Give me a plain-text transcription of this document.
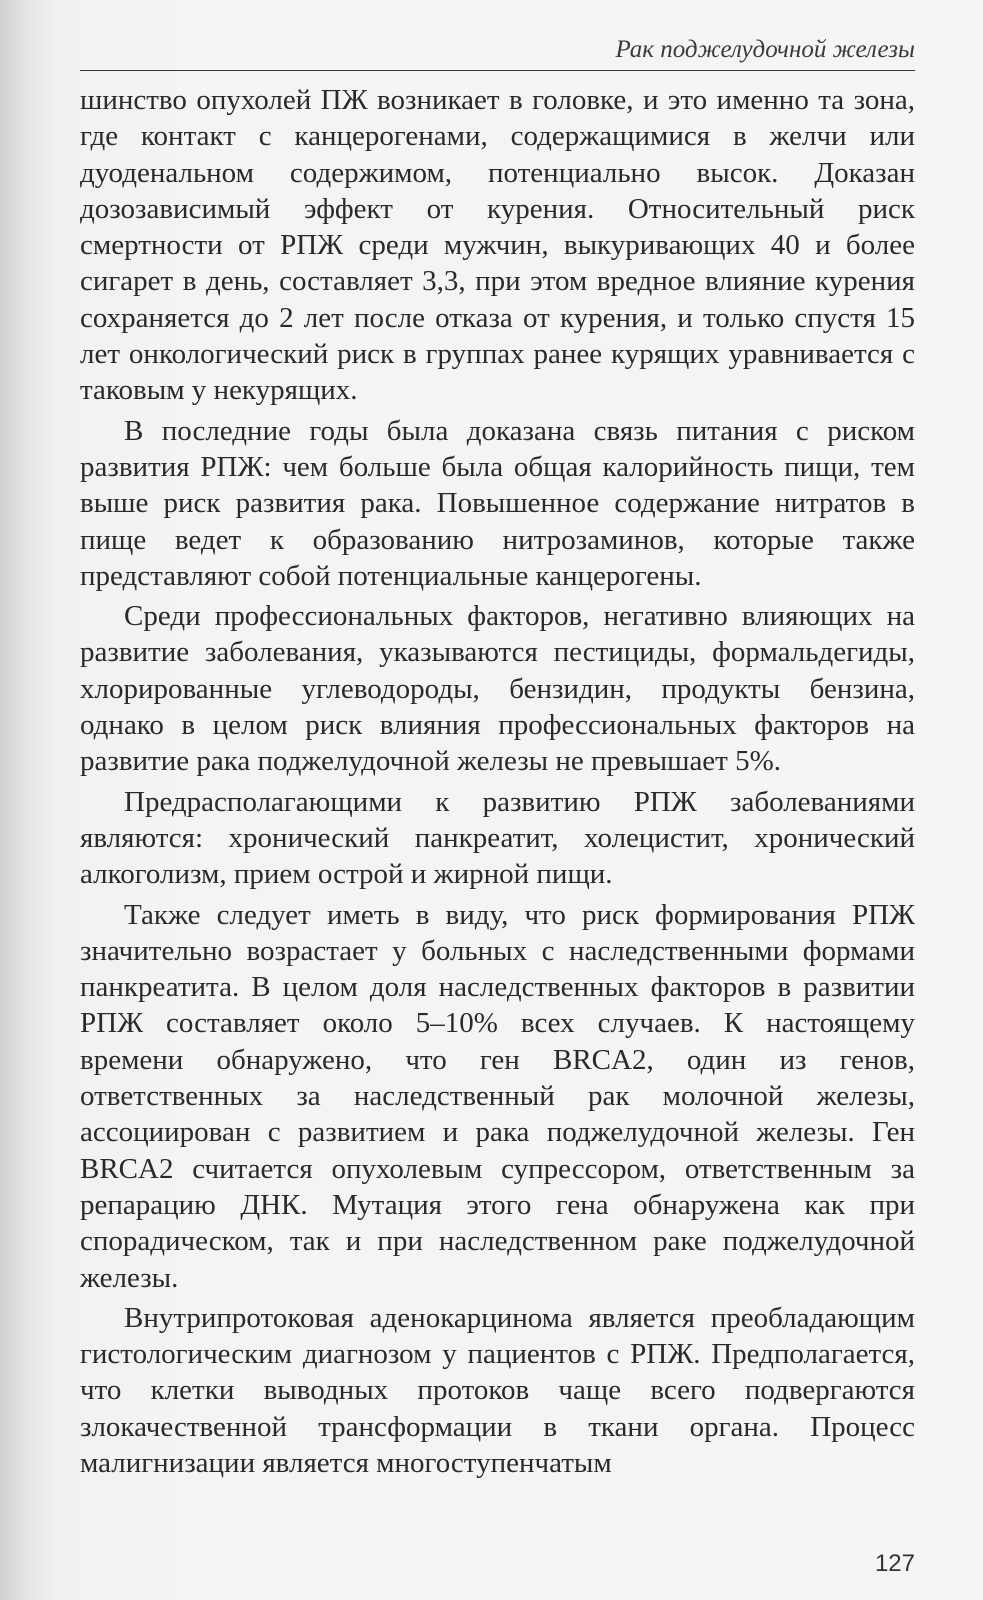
Рак поджелудочной железы

шинство опухолей ПЖ возникает в головке, и это именно та зона, где контакт с канцерогенами, содержащимися в желчи или дуоденальном содержимом, потенциально высок. Доказан дозозависимый эффект от курения. Относительный риск смертности от РПЖ среди мужчин, выкуривающих 40 и более сигарет в день, составляет 3,3, при этом вредное влияние курения сохраняется до 2 лет после отказа от курения, и только спустя 15 лет онкологический риск в группах ранее курящих уравнивается с таковым у некурящих.

В последние годы была доказана связь питания с риском развития РПЖ: чем больше была общая калорийность пищи, тем выше риск развития рака. Повышенное содержание нитратов в пище ведет к образованию нитрозаминов, которые также представляют собой потенциальные канцерогены.

Среди профессиональных факторов, негативно влияющих на развитие заболевания, указываются пестициды, формальдегиды, хлорированные углеводороды, бензидин, продукты бензина, однако в целом риск влияния профессиональных факторов на развитие рака поджелудочной железы не превышает 5%.

Предрасполагающими к развитию РПЖ заболеваниями являются: хронический панкреатит, холецистит, хронический алкоголизм, прием острой и жирной пищи.

Также следует иметь в виду, что риск формирования РПЖ значительно возрастает у больных с наследственными формами панкреатита. В целом доля наследственных факторов в развитии РПЖ составляет около 5–10% всех случаев. К настоящему времени обнаружено, что ген BRCA2, один из генов, ответственных за наследственный рак молочной железы, ассоциирован с развитием и рака поджелудочной железы. Ген BRCA2 считается опухолевым супрессором, ответственным за репарацию ДНК. Мутация этого гена обнаружена как при спорадическом, так и при наследственном раке поджелудочной железы.

Внутрипротоковая аденокарцинома является преобладающим гистологическим диагнозом у пациентов с РПЖ. Предполагается, что клетки выводных протоков чаще всего подвергаются злокачественной трансформации в ткани органа. Процесс малигнизации является многоступенчатым

127
